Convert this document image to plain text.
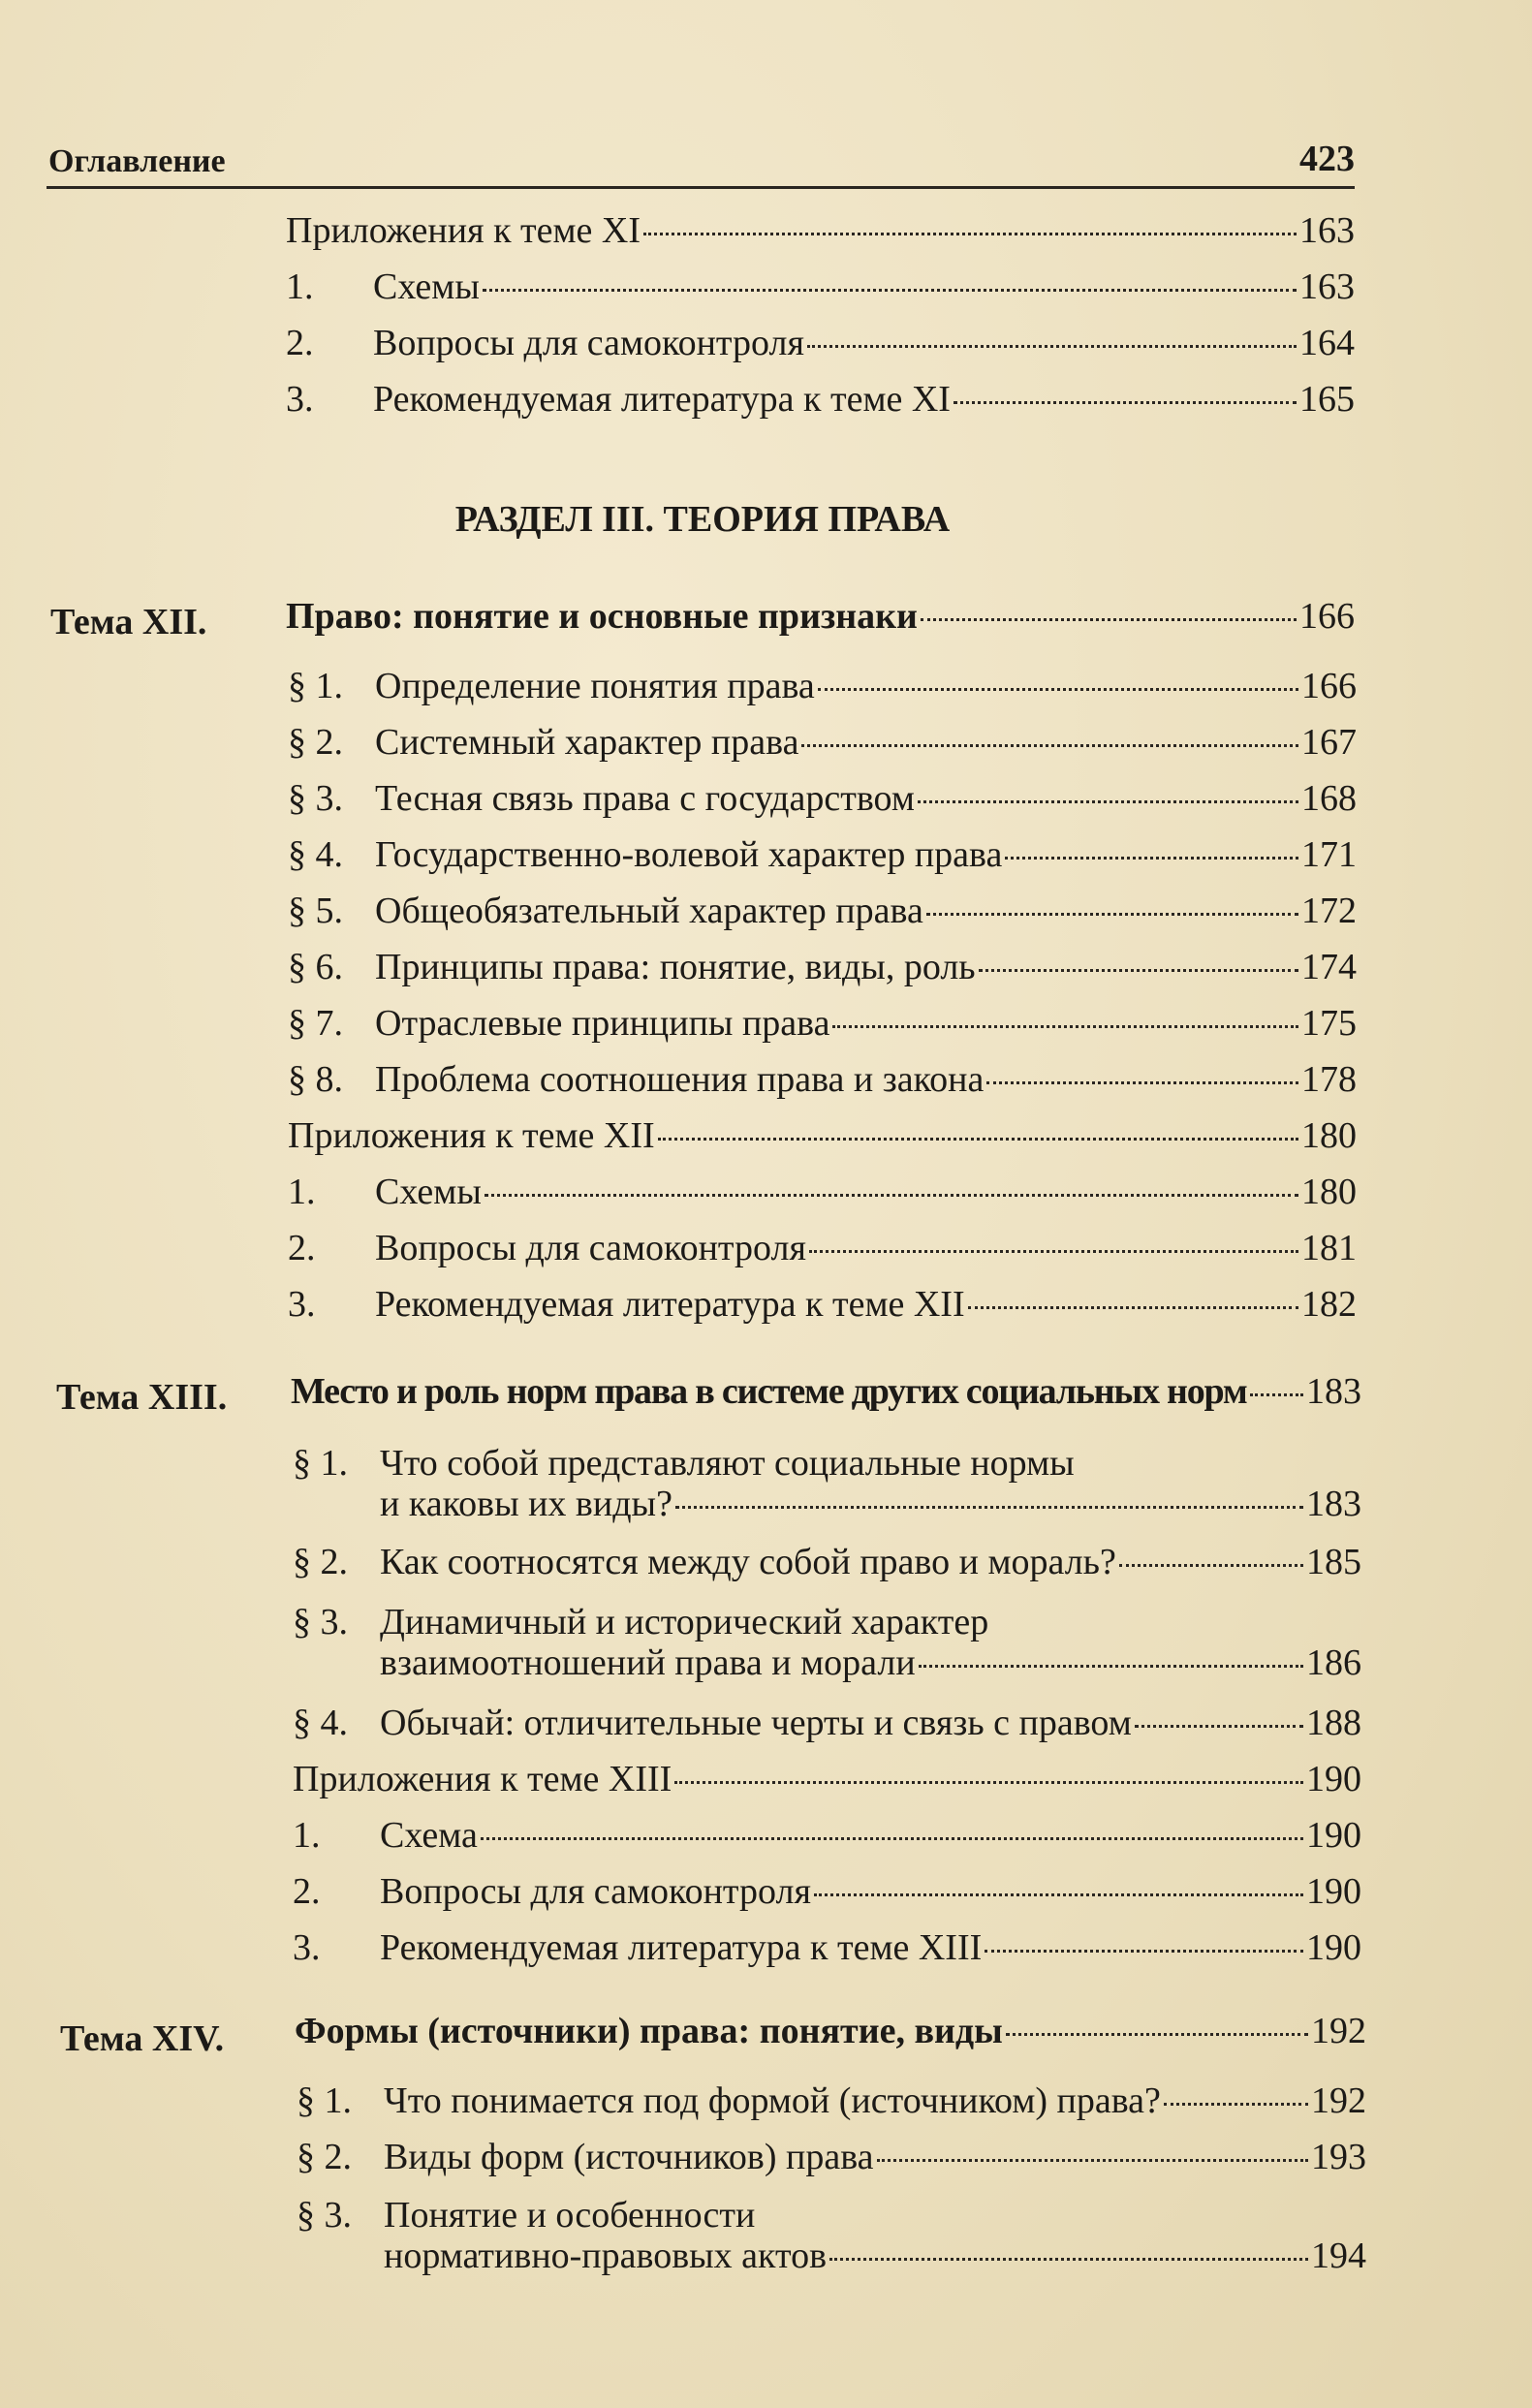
Оглавление	423
Приложения к теме XI	163
1.	Схемы	163
2.	Вопросы для самоконтроля	164
3.	Рекомендуемая литература к теме XI	165
РАЗДЕЛ III. ТЕОРИЯ ПРАВА
Тема XII. Право: понятие и основные признаки	166
§ 1. Определение понятия права	166
§ 2. Системный характер права	167
§ 3. Тесная связь права с государством	168
§ 4. Государственно-волевой характер права	171
§ 5. Общеобязательный характер права	172
§ 6. Принципы права: понятие, виды, роль	174
§ 7. Отраслевые принципы права	175
§ 8. Проблема соотношения права и закона	178
Приложения к теме XII	180
1.	Схемы	180
2.	Вопросы для самоконтроля	181
3.	Рекомендуемая литература к теме XII	182
Тема XIII. Место и роль норм права в системе других социальных норм 183
§ 1. Что собой представляют социальные нормы
и каковы их виды?	183
§ 2. Как соотносятся между собой право и мораль?	185
§ 3. Динамичный и исторический характер
взаимоотношений права и морали	186
§ 4. Обычай: отличительные черты и связь с правом	188
Приложения к теме XIII	190
1.	Схема	190
2.	Вопросы для самоконтроля	190
3.	Рекомендуемая литература к теме XIII	190
Тема XIV. Формы (источники) права: понятие, виды	192
§ 1. Что понимается под формой (источником) права?	192
§ 2. Виды форм (источников) права	193
§ 3. Понятие и особенности
нормативно-правовых актов	194
